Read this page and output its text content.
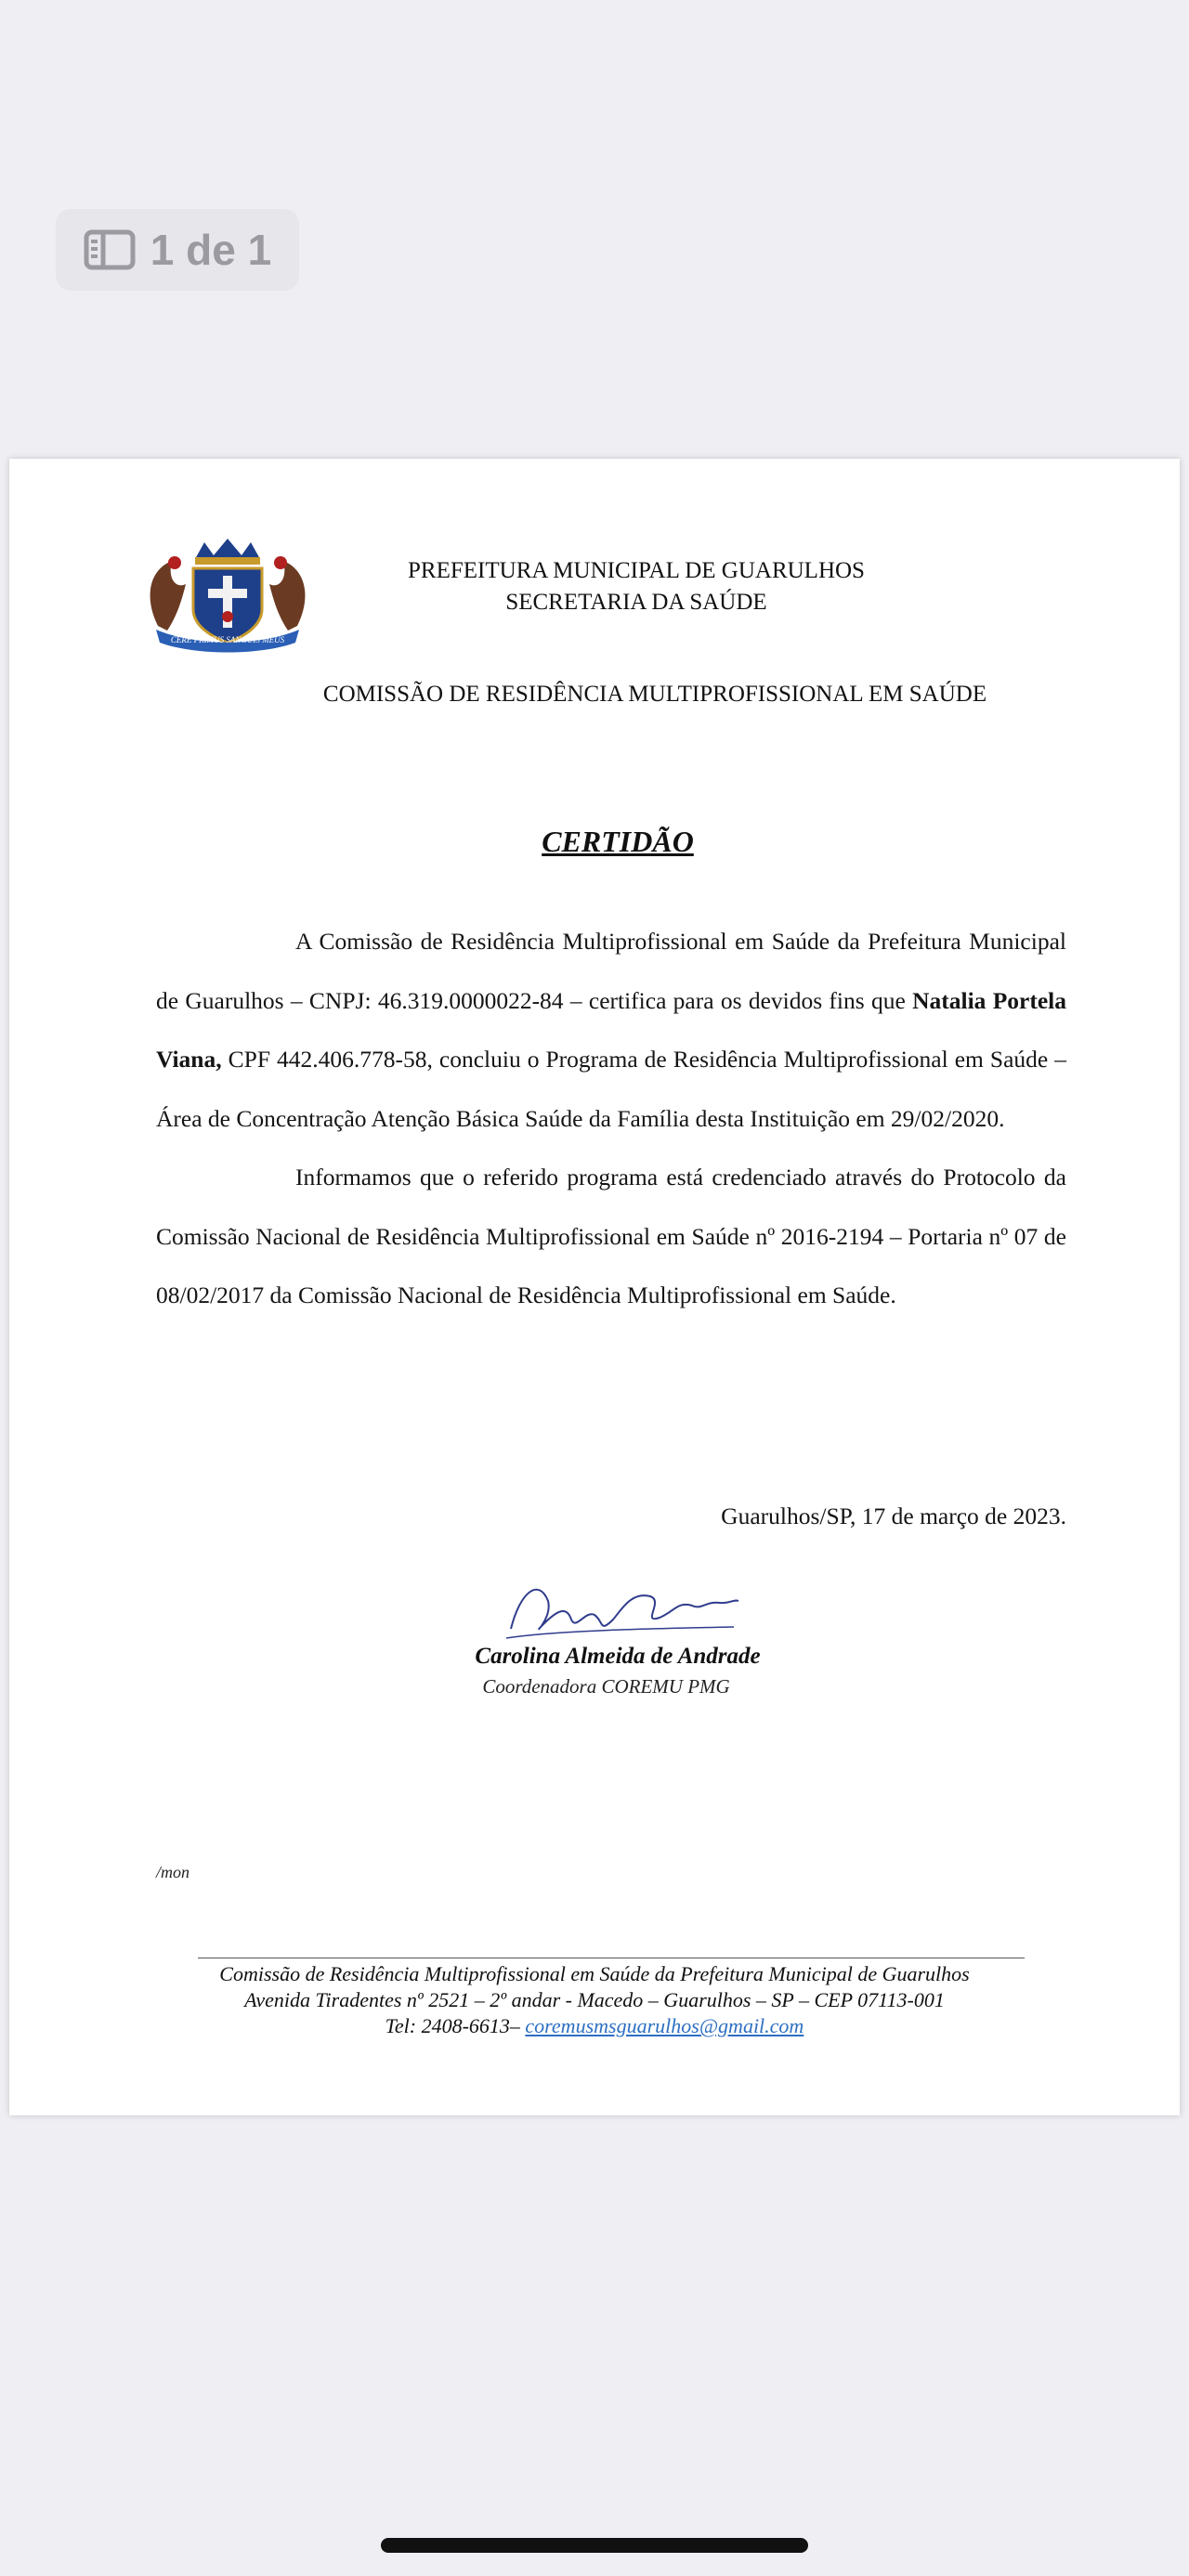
1 de 1
CERE PRIMUS SANGUIS MEUS
PREFEITURA MUNICIPAL DE GUARULHOS
SECRETARIA DA SAÚDE
COMISSÃO DE RESIDÊNCIA MULTIPROFISSIONAL EM SAÚDE
CERTIDÃO

A Comissão de Residência Multiprofissional em Saúde da Prefeitura Municipal de Guarulhos – CNPJ: 46.319.0000022-84 – certifica para os devidos fins que Natalia Portela Viana, CPF 442.406.778-58, concluiu o Programa de Residência Multiprofissional em Saúde – Área de Concentração Atenção Básica Saúde da Família desta Instituição em 29/02/2020.

Informamos que o referido programa está credenciado através do Protocolo da Comissão Nacional de Residência Multiprofissional em Saúde nº 2016-2194 – Portaria nº 07 de 08/02/2017 da Comissão Nacional de Residência Multiprofissional em Saúde.

Guarulhos/SP, 17 de março de 2023.
Carolina Almeida de Andrade
Coordenadora COREMU PMG
/mon
Comissão de Residência Multiprofissional em Saúde da Prefeitura Municipal de Guarulhos
Avenida Tiradentes nº 2521 – 2º andar - Macedo – Guarulhos – SP – CEP 07113-001
Tel: 2408-6613– coremusmsguarulhos@gmail.com
